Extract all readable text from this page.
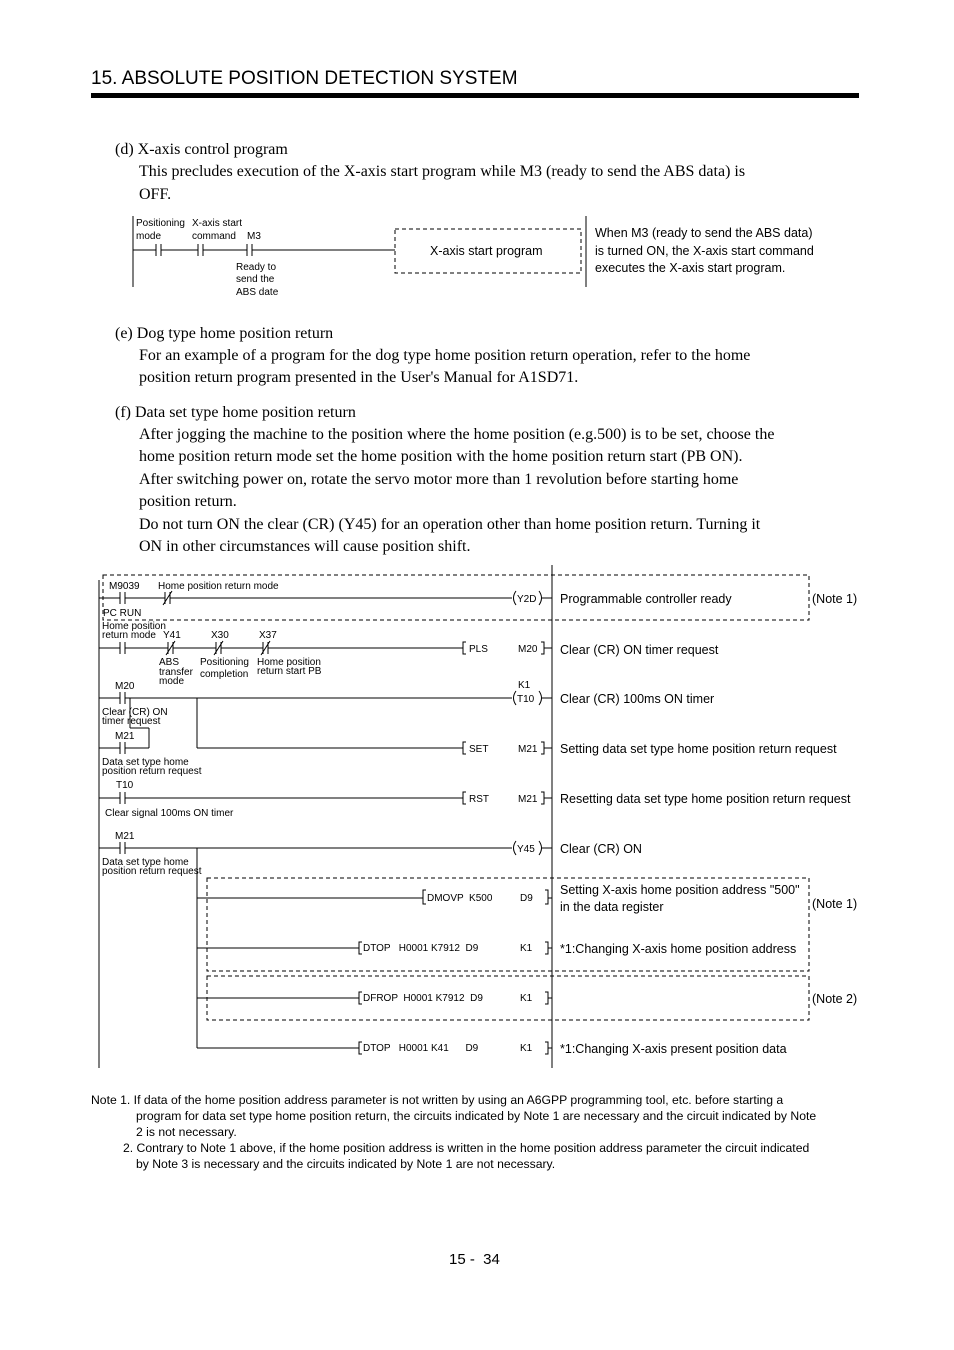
15. ABSOLUTE POSITION DETECTION SYSTEM
(d) X-axis control program
This precludes execution of the X-axis start program while M3 (ready to send the ABS data) is
OFF.
(e) Dog type home position return
For an example of a program for the dog type home position return operation, refer to the home
position return program presented in the User's Manual for A1SD71.
(f) Data set type home position return
After jogging the machine to the position where the home position (e.g.500) is to be set, choose the
home position return mode set the home position with the home position return start (PB ON).
After switching power on, rotate the servo motor more than 1 revolution before starting home
position return.
Do not turn ON the clear (CR) (Y45) for an operation other than home position return. Turning it
ON in other circumstances will cause position shift.
Positioning
mode
X-axis start
command M3
Ready to
send the
ABS date
X-axis start program
When M3 (ready to send the ABS data)
is turned ON, the X-axis start command
executes the X-axis start program.
M9039
PC RUN
Home position return mode
Y2D Programmable controller ready	(Note 1)
Home position
return mode Y41
ABS
transfer
mode
X30
Positioning
completion
X37
Home position
return start PB
PLS	M20 Clear (CR) ON timer request
M20
Clear (CR) ON
timer request
K1
T10 Clear (CR) 100ms ON timer
M21
Data set type home
position return request
SET	M21 Setting data set type home position return request
T10
Clear signal 100ms ON timer
RST	M21 Resetting data set type home position return request
M21
Data set type home
position return request
Y45 Clear (CR) ON
DMOVP  K500	D9
Setting X-axis home position address "500"
in the data register	(Note 1)
DTOP   H0001 K7912  D9	K1 *1:Changing X-axis home position address
DFROP  H0001 K7912  D9	K1	(Note 2)
DTOP   H0001 K41      D9	K1 *1:Changing X-axis present position data
Note 1. If data of the home position address parameter is not written by using an A6GPP programming tool, etc. before starting a
program for data set type home position return, the circuits indicated by Note 1 are necessary and the circuit indicated by Note
2 is not necessary.
2. Contrary to Note 1 above, if the home position address is written in the home position address parameter the circuit indicated
by Note 3 is necessary and the circuits indicated by Note 1 are not necessary.
15 -  34
